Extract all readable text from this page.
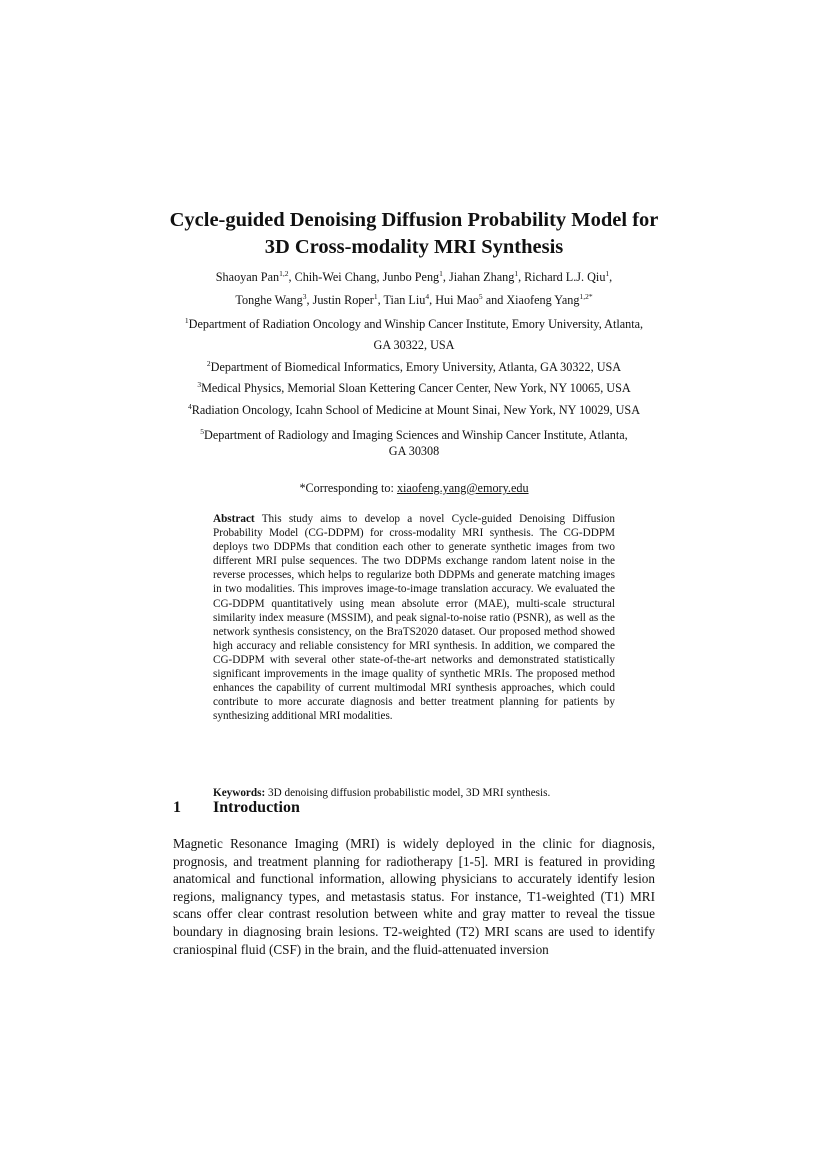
Cycle-guided Denoising Diffusion Probability Model for
3D Cross-modality MRI Synthesis

Shaoyan Pan$^{1,2}$, Chih-Wei Chang, Junbo Peng$^1$, Jiahan Zhang$^1$, Richard L.J. Qiu$^1$,

Tonghe Wang$^3$, Justin Roper$^1$, Tian Liu$^4$, Hui Mao$^5$ and Xiaofeng Yang$^{1,2*}$

$^1$Department of Radiation Oncology and Winship Cancer Institute, Emory University, Atlanta,

GA 30322, USA

$^2$Department of Biomedical Informatics, Emory University, Atlanta, GA 30322, USA

$^3$Medical Physics, Memorial Sloan Kettering Cancer Center, New York, NY 10065, USA

$^4$Radiation Oncology, Icahn School of Medicine at Mount Sinai, New York, NY 10029, USA

$^5$Department of Radiology and Imaging Sciences and Winship Cancer Institute, Atlanta,
GA 30308

*Corresponding to: xiaofeng.yang@emory.edu

Abstract This study aims to develop a novel Cycle-guided Denoising Diffusion Probability Model (CG-DDPM) for cross-modality MRI synthesis. The CG-DDPM deploys two DDPMs that condition each other to generate synthetic images from two different MRI pulse sequences. The two DDPMs exchange random latent noise in the reverse processes, which helps to regularize both DDPMs and generate matching images in two modalities. This improves image-to-image translation accuracy. We evaluated the CG-DDPM quantitatively using mean absolute error (MAE), multi-scale structural similarity index measure (MSSIM), and peak signal-to-noise ratio (PSNR), as well as the network synthesis consistency, on the BraTS2020 dataset. Our proposed method showed high accuracy and reliable consistency for MRI synthesis. In addition, we compared the CG-DDPM with several other state-of-the-art networks and demonstrated statistically significant improvements in the image quality of synthetic MRIs. The proposed method enhances the capability of current multimodal MRI synthesis approaches, which could contribute to more accurate diagnosis and better treatment planning for patients by synthesizing additional MRI modalities.

Keywords: 3D denoising diffusion probabilistic model, 3D MRI synthesis.

1 Introduction

Magnetic Resonance Imaging (MRI) is widely deployed in the clinic for diagnosis, prognosis, and treatment planning for radiotherapy [1-5]. MRI is featured in providing anatomical and functional information, allowing physicians to accurately identify lesion regions, malignancy types, and metastasis status. For instance, T1-weighted (T1) MRI scans offer clear contrast resolution between white and gray matter to reveal the tissue boundary in diagnosing brain lesions. T2-weighted (T2) MRI scans are used to identify craniospinal fluid (CSF) in the brain, and the fluid-attenuated inversion
